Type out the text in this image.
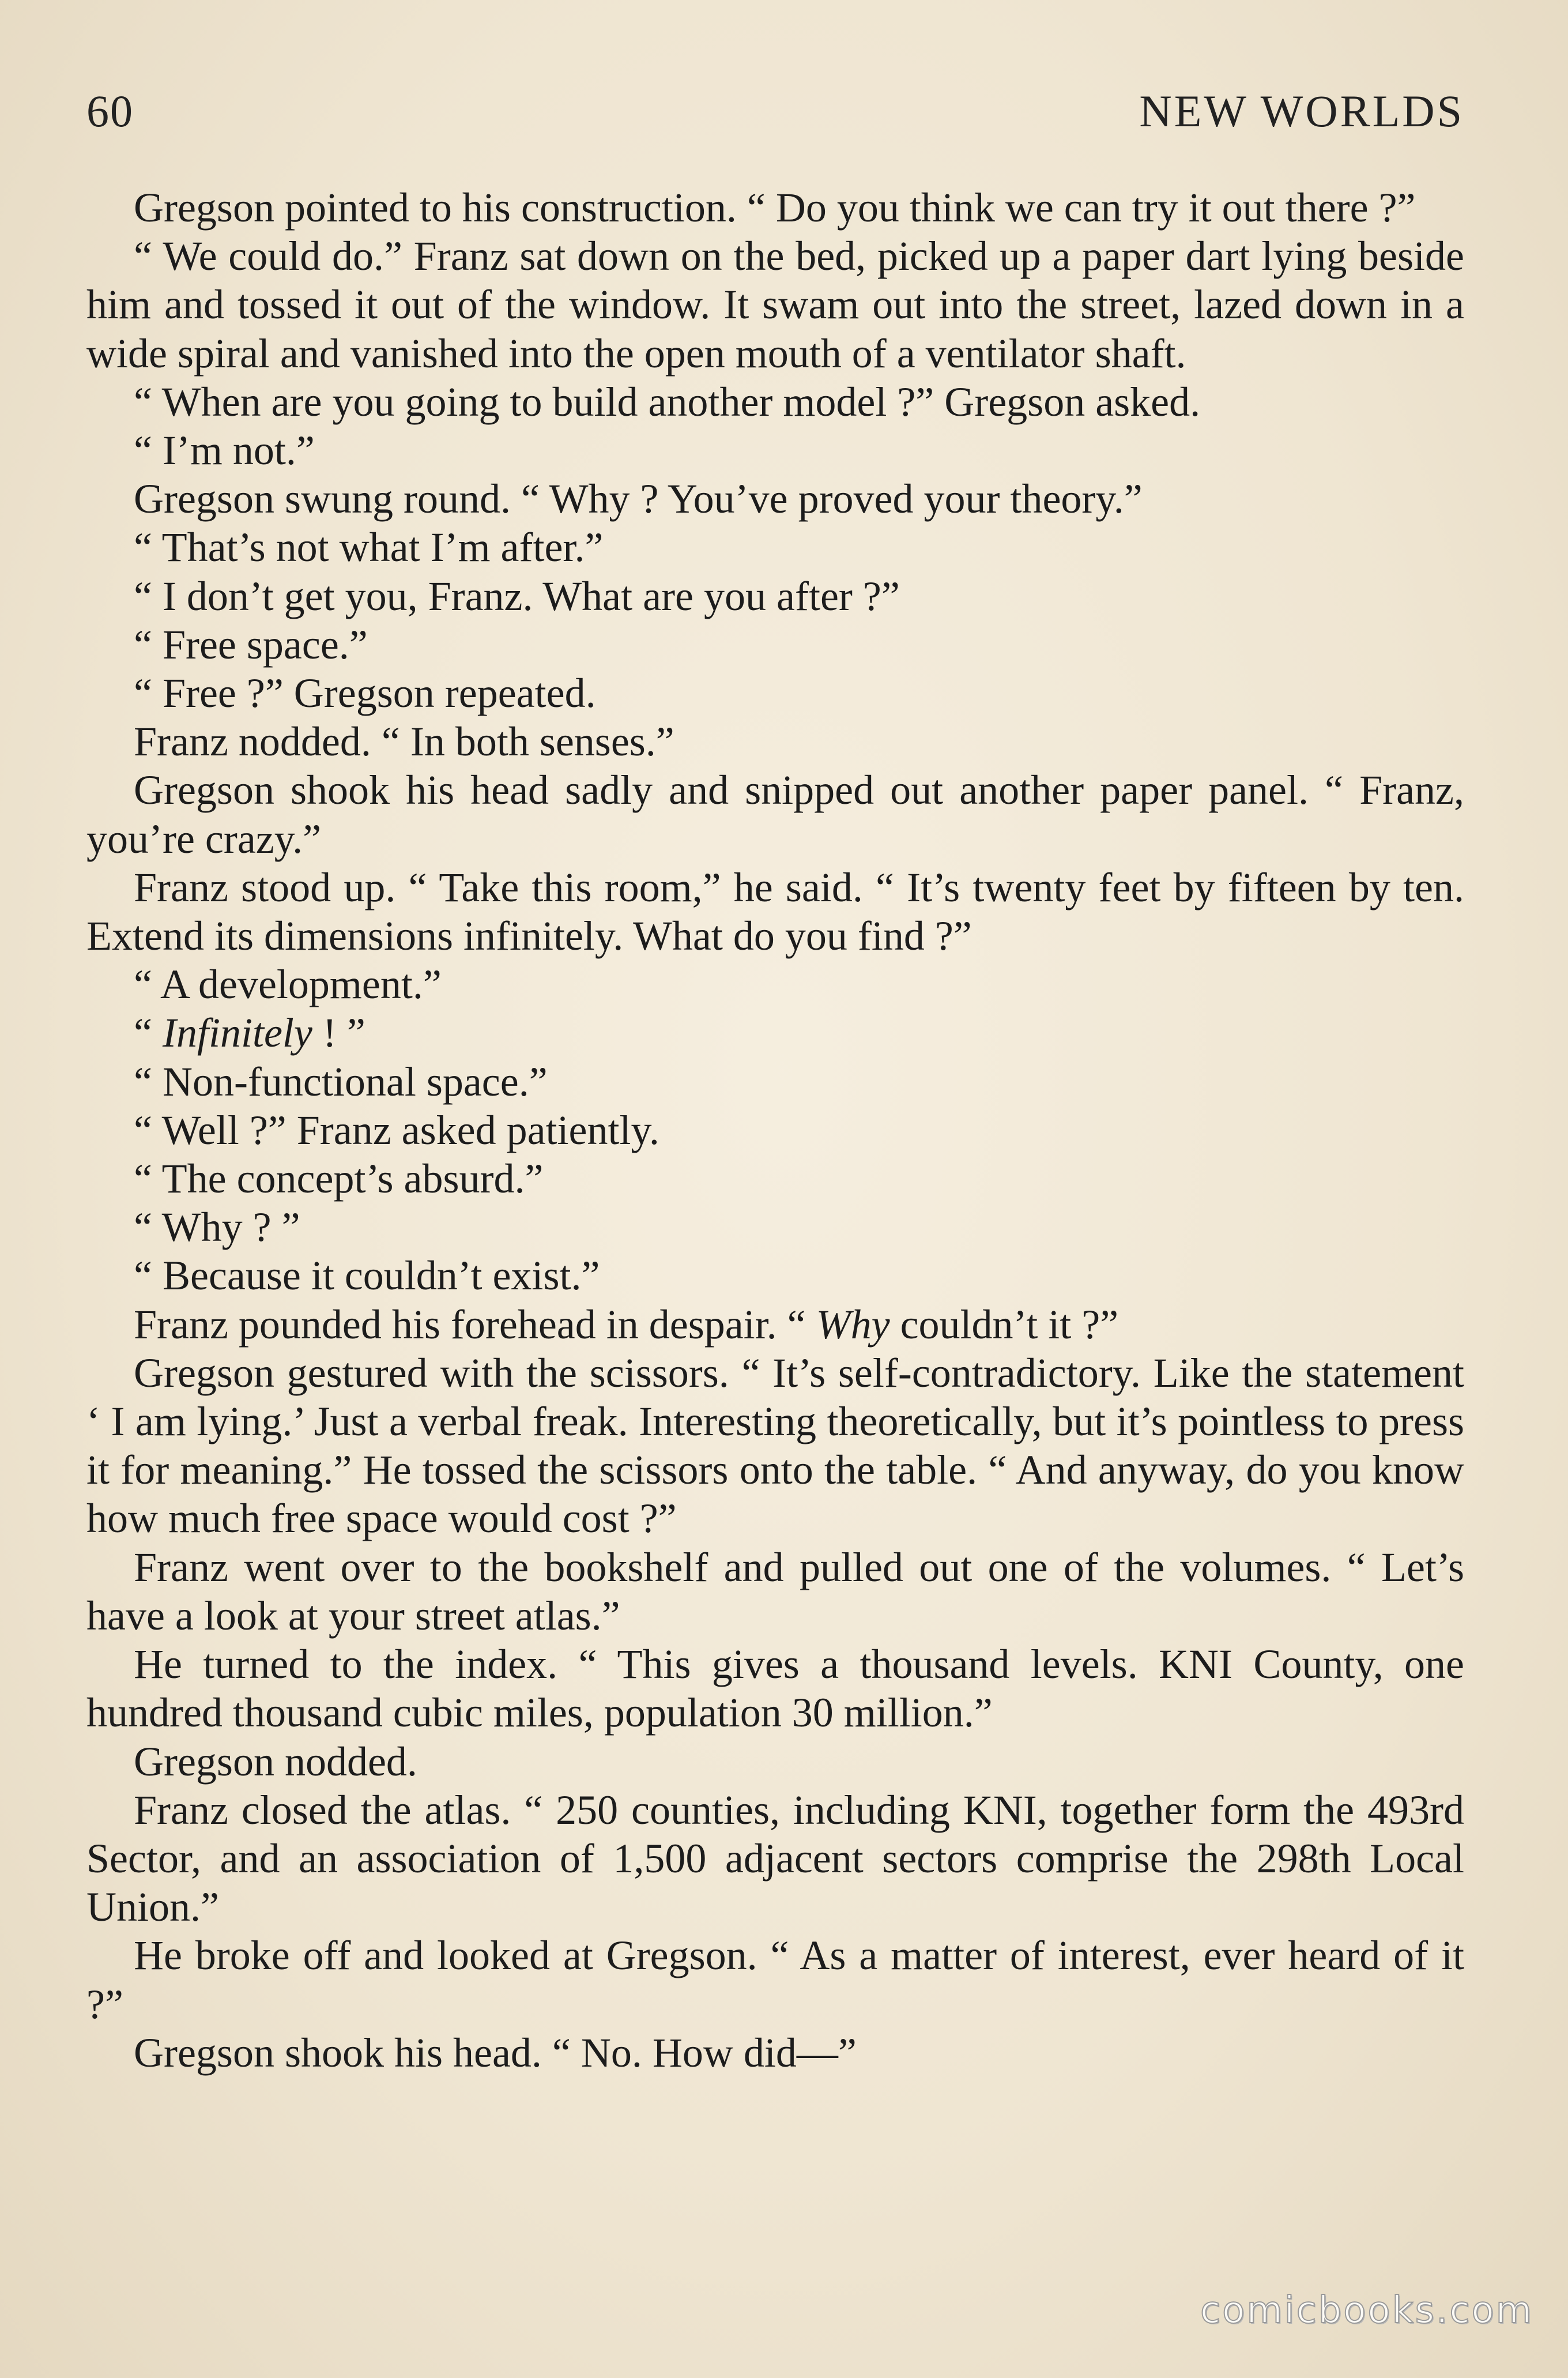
60	NEW WORLDS

Gregson pointed to his construction. “ Do you think we can try it out there ?”

“ We could do.” Franz sat down on the bed, picked up a paper dart lying beside him and tossed it out of the window. It swam out into the street, lazed down in a wide spiral and vanished into the open mouth of a ventilator shaft.

“ When are you going to build another model ?” Gregson asked.

“ I’m not.”

Gregson swung round. “ Why ? You’ve proved your theory.”

“ That’s not what I’m after.”

“ I don’t get you, Franz. What are you after ?”

“ Free space.”

“ Free ?” Gregson repeated.

Franz nodded. “ In both senses.”

Gregson shook his head sadly and snipped out another paper panel. “ Franz, you’re crazy.”

Franz stood up. “ Take this room,” he said. “ It’s twenty feet by fifteen by ten. Extend its dimensions infinitely. What do you find ?”

“ A development.”

“ Infinitely ! ”

“ Non-functional space.”

“ Well ?” Franz asked patiently.

“ The concept’s absurd.”

“ Why ? ”

“ Because it couldn’t exist.”

Franz pounded his forehead in despair. “ Why couldn’t it ?”

Gregson gestured with the scissors. “ It’s self-contradictory. Like the statement ‘ I am lying.’ Just a verbal freak. Interesting theoretically, but it’s pointless to press it for meaning.” He tossed the scissors onto the table. “ And anyway, do you know how much free space would cost ?”

Franz went over to the bookshelf and pulled out one of the volumes. “ Let’s have a look at your street atlas.”

He turned to the index. “ This gives a thousand levels. KNI County, one hundred thousand cubic miles, population 30 million.”

Gregson nodded.

Franz closed the atlas. “ 250 counties, including KNI, together form the 493rd Sector, and an association of 1,500 adjacent sectors comprise the 298th Local Union.”

He broke off and looked at Gregson. “ As a matter of interest, ever heard of it ?”

Gregson shook his head. “ No. How did—”

comicbooks.com
